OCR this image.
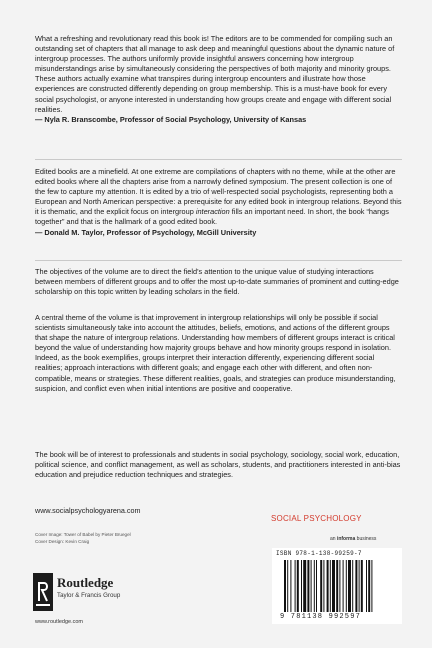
What a refreshing and revolutionary read this book is! The editors are to be commended for compiling such an outstanding set of chapters that all manage to ask deep and meaningful questions about the dynamic nature of intergroup processes. The authors uniformly provide insightful answers concerning how intergroup misunderstandings arise by simultaneously considering the perspectives of both majority and minority groups. These authors actually examine what transpires during intergroup encounters and illustrate how those experiences are constructed differently depending on group membership. This is a must-have book for every social psychologist, or anyone interested in understanding how groups create and engage with different social realities.

— Nyla R. Branscombe, Professor of Social Psychology, University of Kansas

Edited books are a minefield. At one extreme are compilations of chapters with no theme, while at the other are edited books where all the chapters arise from a narrowly defined symposium. The present collection is one of the few to capture my attention. It is edited by a trio of well-respected social psychologists, representing both a European and North American perspective: a prerequisite for any edited book in intergroup relations. Beyond this it is thematic, and the explicit focus on intergroup interaction fills an important need. In short, the book “hangs together” and that is the hallmark of a good edited book.

— Donald M. Taylor, Professor of Psychology, McGill University

The objectives of the volume are to direct the field’s attention to the unique value of studying interactions between members of different groups and to offer the most up-to-date summaries of prominent and cutting-edge scholarship on this topic written by leading scholars in the field.

A central theme of the volume is that improvement in intergroup relationships will only be possible if social scientists simultaneously take into account the attitudes, beliefs, emotions, and actions of the different groups that shape the nature of intergroup relations. Understanding how members of different groups interact is critical beyond the value of understanding how majority groups behave and how minority groups respond in isolation. Indeed, as the book exemplifies, groups interpret their interaction differently, experiencing different social realities; approach interactions with different goals; and engage each other with different, and often non-compatible, means or strategies. These different realities, goals, and strategies can produce misunderstanding, suspicion, and conflict even when initial intentions are positive and cooperative.

The book will be of interest to professionals and students in social psychology, sociology, social work, education, political science, and conflict management, as well as scholars, students, and practitioners interested in anti-bias education and prejudice reduction techniques and strategies.

www.socialpsychologyarena.com
SOCIAL PSYCHOLOGY
Cover Image: Tower of Babel by Pieter Bruegel
Cover Design: Kevin Craig	an informa business
ISBN 978-1-138-99259-7
9 781138 992597
Routledge
Taylor & Francis Group
www.routledge.com
